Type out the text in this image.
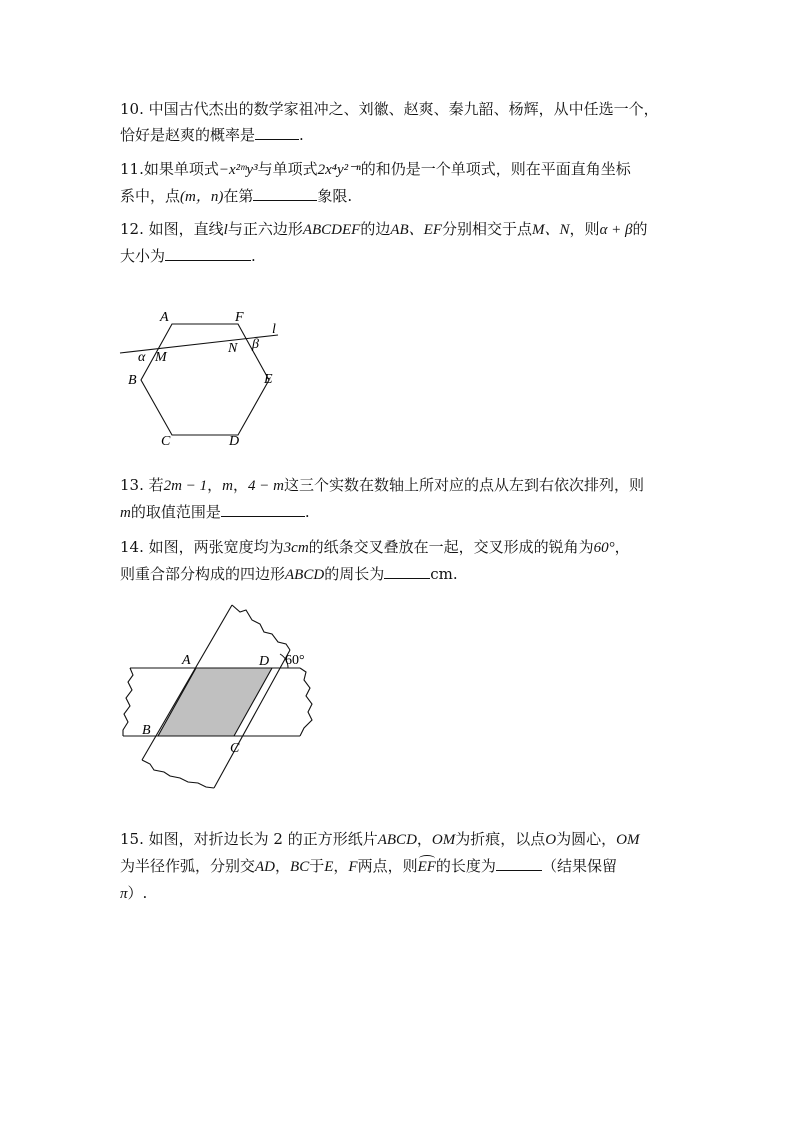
10. 中国古代杰出的数学家祖冲之、刘徽、赵爽、秦九韶、杨辉，从中任选一个，

恰好是赵爽的概率是	.

11.如果单项式−x²ᵐy³与单项式2x⁴y²⁻ⁿ的和仍是一个单项式，则在平面直角坐标

系中，点(m，n)在第	象限.

12. 如图，直线l与正六边形ABCDEF的边AB、EF分别相交于点M、N，则α + β的

大小为	.

A	F
l
α M
N β
B	E
C	D

13. 若2m − 1，m，4 − m这三个实数在数轴上所对应的点从左到右依次排列，则

m的取值范围是	.

14. 如图，两张宽度均为3cm的纸条交叉叠放在一起，交叉形成的锐角为60°，

则重合部分构成的四边形ABCD的周长为	cm.

A	D 60°
B
C

15. 如图，对折边长为 2 的正方形纸片ABCD，OM为折痕，以点O为圆心，OM

为半径作弧，分别交AD，BC于E，F两点，则EF的长度为	（结果保留

π）.
